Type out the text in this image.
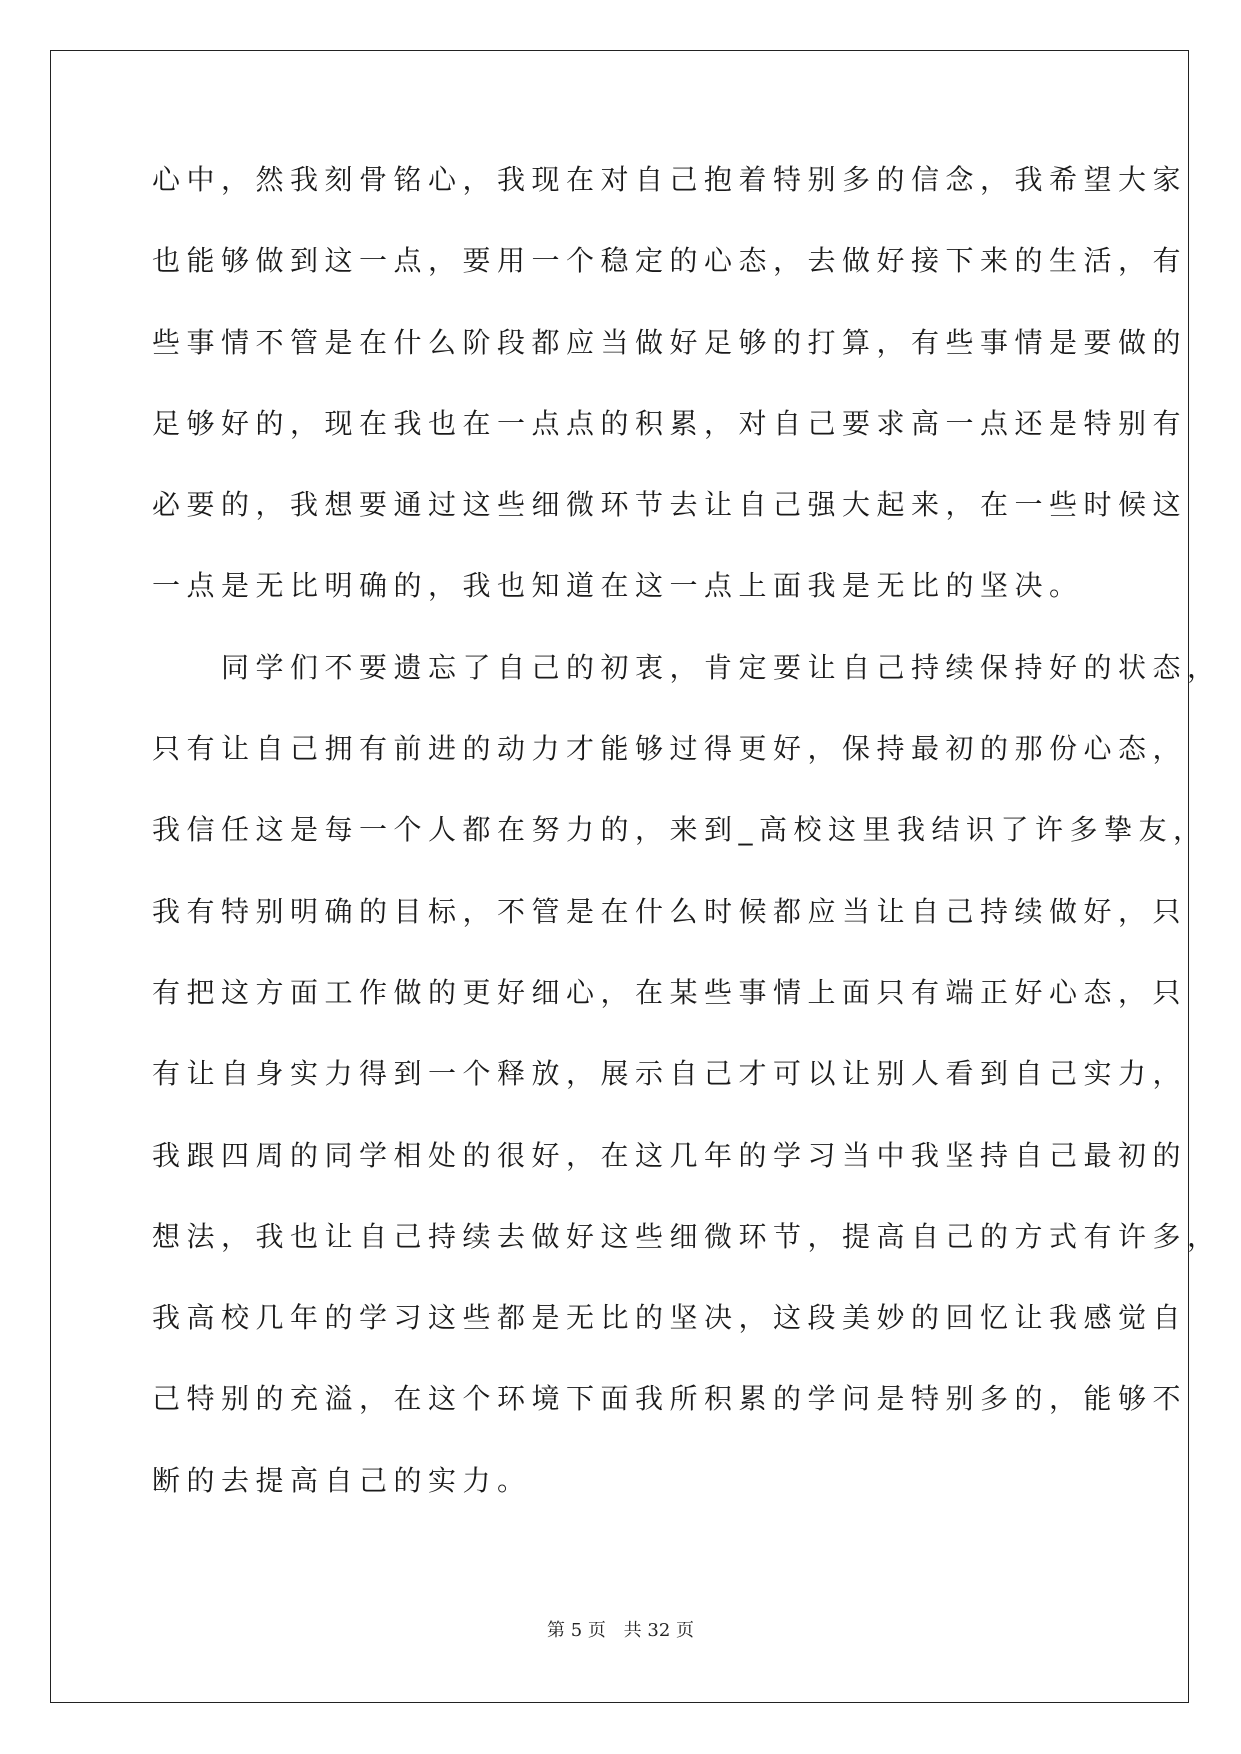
心中，然我刻骨铭心，我现在对自己抱着特别多的信念，我希望大家
也能够做到这一点，要用一个稳定的心态，去做好接下来的生活，有
些事情不管是在什么阶段都应当做好足够的打算，有些事情是要做的
足够好的，现在我也在一点点的积累，对自己要求高一点还是特别有
必要的，我想要通过这些细微环节去让自己强大起来，在一些时候这
一点是无比明确的，我也知道在这一点上面我是无比的坚决。
　　同学们不要遗忘了自己的初衷，肯定要让自己持续保持好的状态，
只有让自己拥有前进的动力才能够过得更好，保持最初的那份心态，
我信任这是每一个人都在努力的，来到_高校这里我结识了许多挚友，
我有特别明确的目标，不管是在什么时候都应当让自己持续做好，只
有把这方面工作做的更好细心，在某些事情上面只有端正好心态，只
有让自身实力得到一个释放，展示自己才可以让别人看到自己实力，
我跟四周的同学相处的很好，在这几年的学习当中我坚持自己最初的
想法，我也让自己持续去做好这些细微环节，提高自己的方式有许多，
我高校几年的学习这些都是无比的坚决，这段美妙的回忆让我感觉自
己特别的充溢，在这个环境下面我所积累的学问是特别多的，能够不
断的去提高自己的实力。
第 5 页 共 32 页
